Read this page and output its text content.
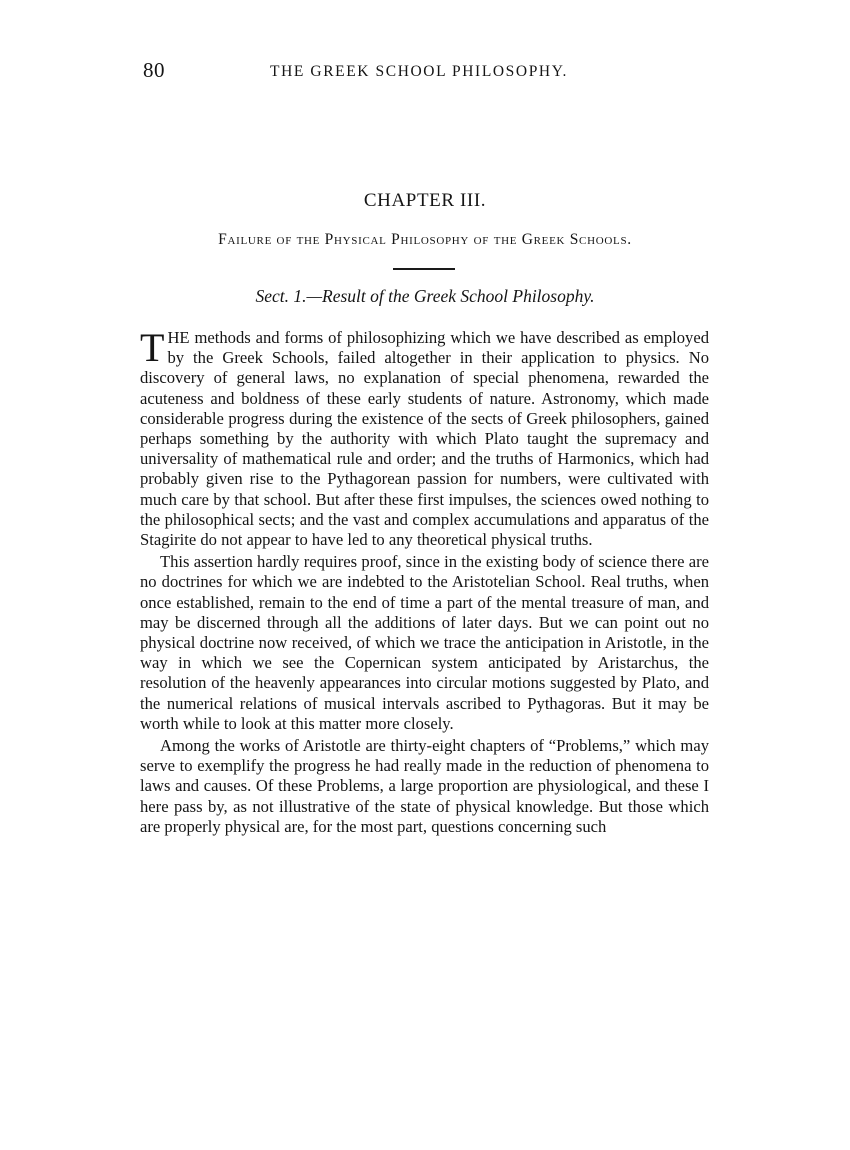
80	THE GREEK SCHOOL PHILOSOPHY.
CHAPTER III.
Failure of the Physical Philosophy of the Greek Schools.
Sect. 1.—Result of the Greek School Philosophy.

THE methods and forms of philosophizing which we have described as employed by the Greek Schools, failed altogether in their application to physics. No discovery of general laws, no explanation of special phenomena, rewarded the acuteness and boldness of these early students of nature. Astronomy, which made considerable progress during the existence of the sects of Greek philosophers, gained perhaps something by the authority with which Plato taught the supremacy and universality of mathematical rule and order; and the truths of Harmonics, which had probably given rise to the Pythagorean passion for numbers, were cultivated with much care by that school. But after these first impulses, the sciences owed nothing to the philosophical sects; and the vast and complex accumulations and apparatus of the Stagirite do not appear to have led to any theoretical physical truths.

This assertion hardly requires proof, since in the existing body of science there are no doctrines for which we are indebted to the Aristotelian School. Real truths, when once established, remain to the end of time a part of the mental treasure of man, and may be discerned through all the additions of later days. But we can point out no physical doctrine now received, of which we trace the anticipation in Aristotle, in the way in which we see the Copernican system anticipated by Aristarchus, the resolution of the heavenly appearances into circular motions suggested by Plato, and the numerical relations of musical intervals ascribed to Pythagoras. But it may be worth while to look at this matter more closely.

Among the works of Aristotle are thirty-eight chapters of “Problems,” which may serve to exemplify the progress he had really made in the reduction of phenomena to laws and causes. Of these Problems, a large proportion are physiological, and these I here pass by, as not illustrative of the state of physical knowledge. But those which are properly physical are, for the most part, questions concerning such
